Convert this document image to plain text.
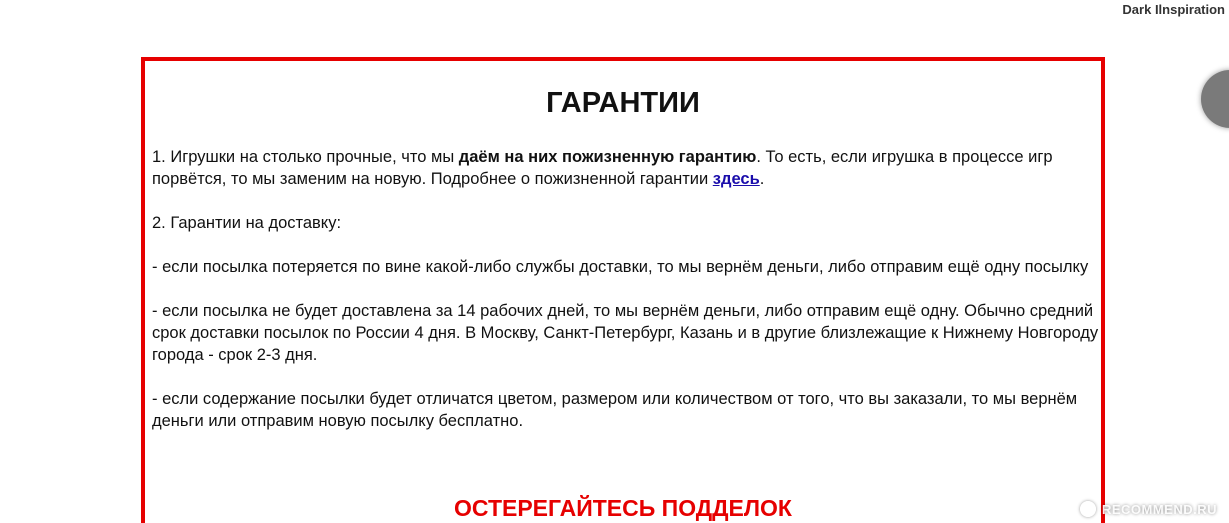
Dark Ilnspiration
ГАРАНТИИ

1. Игрушки на столько прочные, что мы даём на них пожизненную гарантию. То есть, если игрушка в процессе игр порвётся, то мы заменим на новую. Подробнее о пожизненной гарантии здесь.

2. Гарантии на доставку:

- если посылка потеряется по вине какой-либо службы доставки, то мы вернём деньги, либо отправим ещё одну посылку

- если посылка не будет доставлена за 14 рабочих дней, то мы вернём деньги, либо отправим ещё одну. Обычно средний срок доставки посылок по России 4 дня. В Москву, Санкт-Петербург, Казань и в другие близлежащие к Нижнему Новгороду города - срок 2-3 дня.

- если содержание посылки будет отличатся цветом, размером или количеством от того, что вы заказали, то мы вернём деньги или отправим новую посылку бесплатно.

ОСТЕРЕГАЙТЕСЬ ПОДДЕЛОК	RECOMMEND.RU
